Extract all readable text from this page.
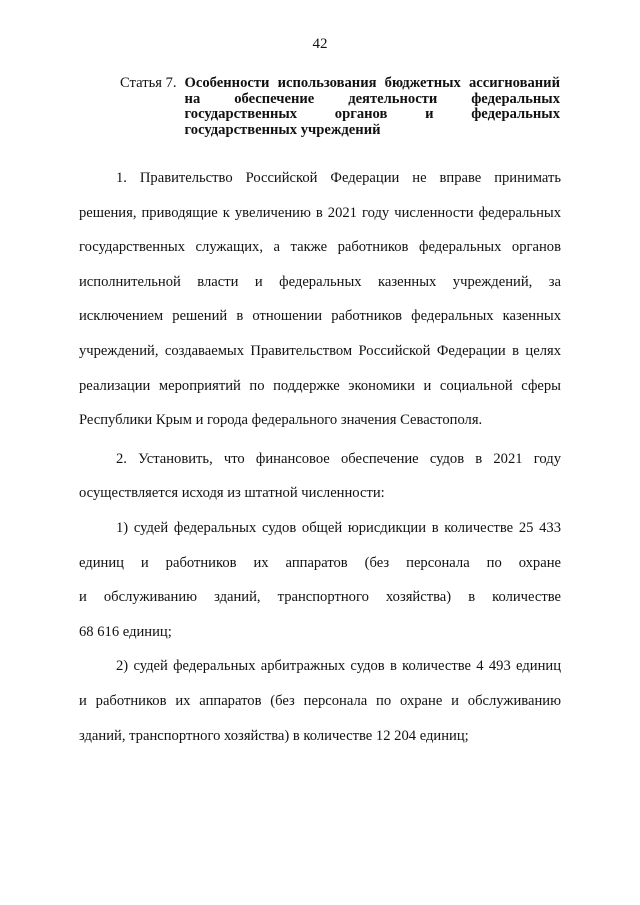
42
Статья 7. Особенности использования бюджетных ассигнований
на обеспечение деятельности федеральных
государственных органов и федеральных
государственных учреждений
1. Правительство Российской Федерации не вправе принимать
решения, приводящие к увеличению в 2021 году численности федеральных
государственных служащих, а также работников федеральных органов
исполнительной власти и федеральных казенных учреждений, за
исключением решений в отношении работников федеральных казенных
учреждений, создаваемых Правительством Российской Федерации в целях
реализации мероприятий по поддержке экономики и социальной сферы
Республики Крым и города федерального значения Севастополя.
2. Установить, что финансовое обеспечение судов в 2021 году
осуществляется исходя из штатной численности:
1) судей федеральных судов общей юрисдикции в количестве 25 433
единиц и работников их аппаратов (без персонала по охране
и обслуживанию зданий, транспортного хозяйства) в количестве
68 616 единиц;
2) судей федеральных арбитражных судов в количестве 4 493 единиц
и работников их аппаратов (без персонала по охране и обслуживанию
зданий, транспортного хозяйства) в количестве 12 204 единиц;
